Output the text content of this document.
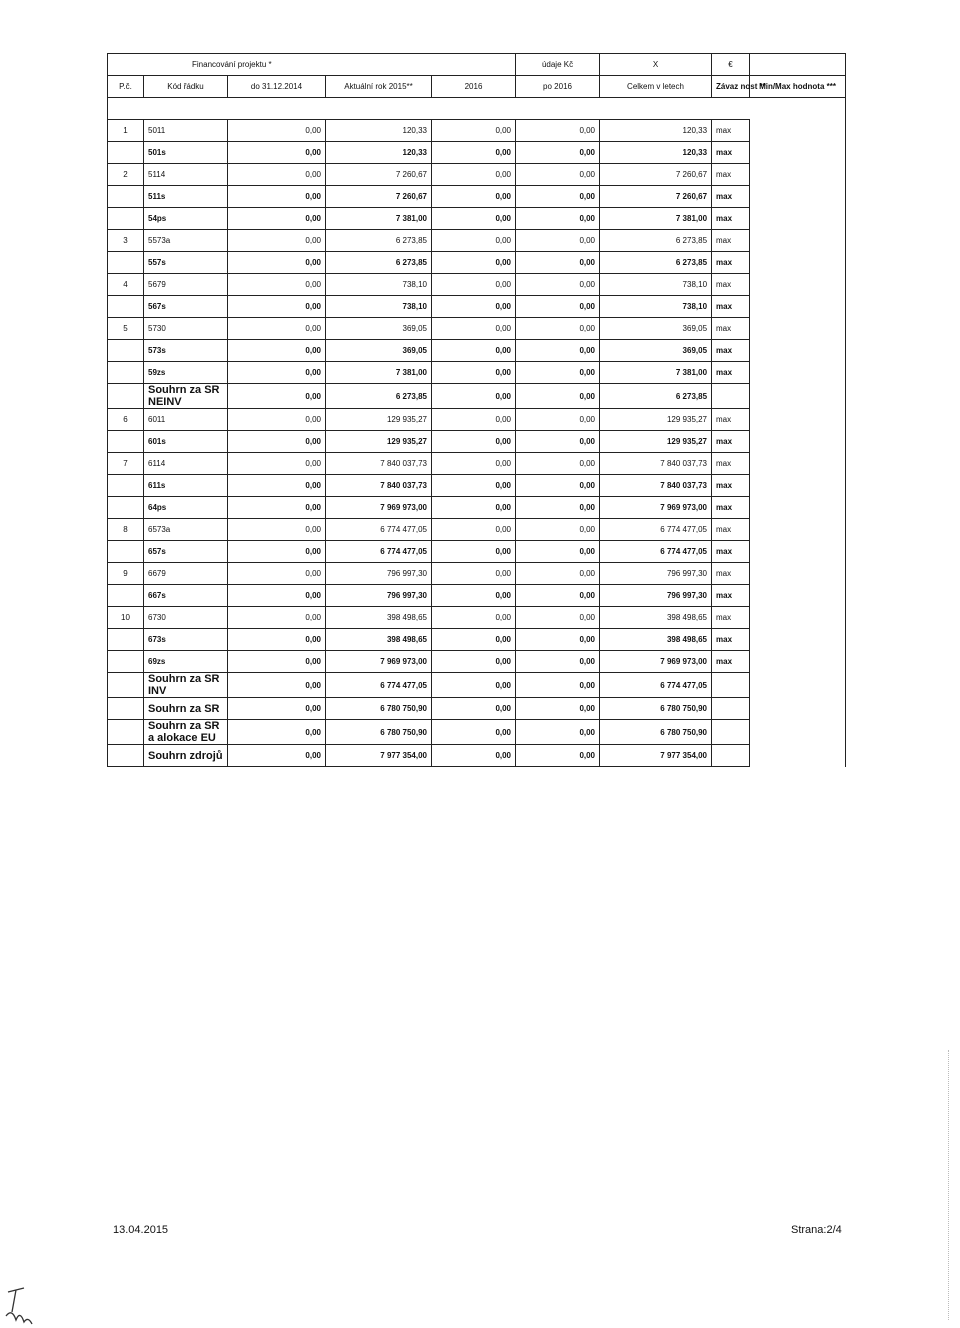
Financování projektu *					údaje Kč	X	€	
P.č.	Kód řádku	do 31.12.2014	Aktuální rok 2015**	2016	po 2016	Celkem v letech	Závaz nost **	Min/Max hodnota ***

1	5011	0,00	120,33	0,00	0,00	120,33	max	
	501s	0,00	120,33	0,00	0,00	120,33	max	
2	5114	0,00	7 260,67	0,00	0,00	7 260,67	max	
	511s	0,00	7 260,67	0,00	0,00	7 260,67	max	
	54ps	0,00	7 381,00	0,00	0,00	7 381,00	max	
3	5573a	0,00	6 273,85	0,00	0,00	6 273,85	max	
	557s	0,00	6 273,85	0,00	0,00	6 273,85	max	
4	5679	0,00	738,10	0,00	0,00	738,10	max	
	567s	0,00	738,10	0,00	0,00	738,10	max	
5	5730	0,00	369,05	0,00	0,00	369,05	max	
	573s	0,00	369,05	0,00	0,00	369,05	max	
	59zs	0,00	7 381,00	0,00	0,00	7 381,00	max	
	Souhrn za SR NEINV	0,00	6 273,85	0,00	0,00	6 273,85		
6	6011	0,00	129 935,27	0,00	0,00	129 935,27	max	
	601s	0,00	129 935,27	0,00	0,00	129 935,27	max	
7	6114	0,00	7 840 037,73	0,00	0,00	7 840 037,73	max	
	611s	0,00	7 840 037,73	0,00	0,00	7 840 037,73	max	
	64ps	0,00	7 969 973,00	0,00	0,00	7 969 973,00	max	
8	6573a	0,00	6 774 477,05	0,00	0,00	6 774 477,05	max	
	657s	0,00	6 774 477,05	0,00	0,00	6 774 477,05	max	
9	6679	0,00	796 997,30	0,00	0,00	796 997,30	max	
	667s	0,00	796 997,30	0,00	0,00	796 997,30	max	
10	6730	0,00	398 498,65	0,00	0,00	398 498,65	max	
	673s	0,00	398 498,65	0,00	0,00	398 498,65	max	
	69zs	0,00	7 969 973,00	0,00	0,00	7 969 973,00	max	
	Souhrn za SR INV	0,00	6 774 477,05	0,00	0,00	6 774 477,05		
	Souhrn za SR	0,00	6 780 750,90	0,00	0,00	6 780 750,90		
	Souhrn za SR a alokace EU	0,00	6 780 750,90	0,00	0,00	6 780 750,90		
	Souhrn zdrojů	0,00	7 977 354,00	0,00	0,00	7 977 354,00		
13.04.2015	Strana:2/4
